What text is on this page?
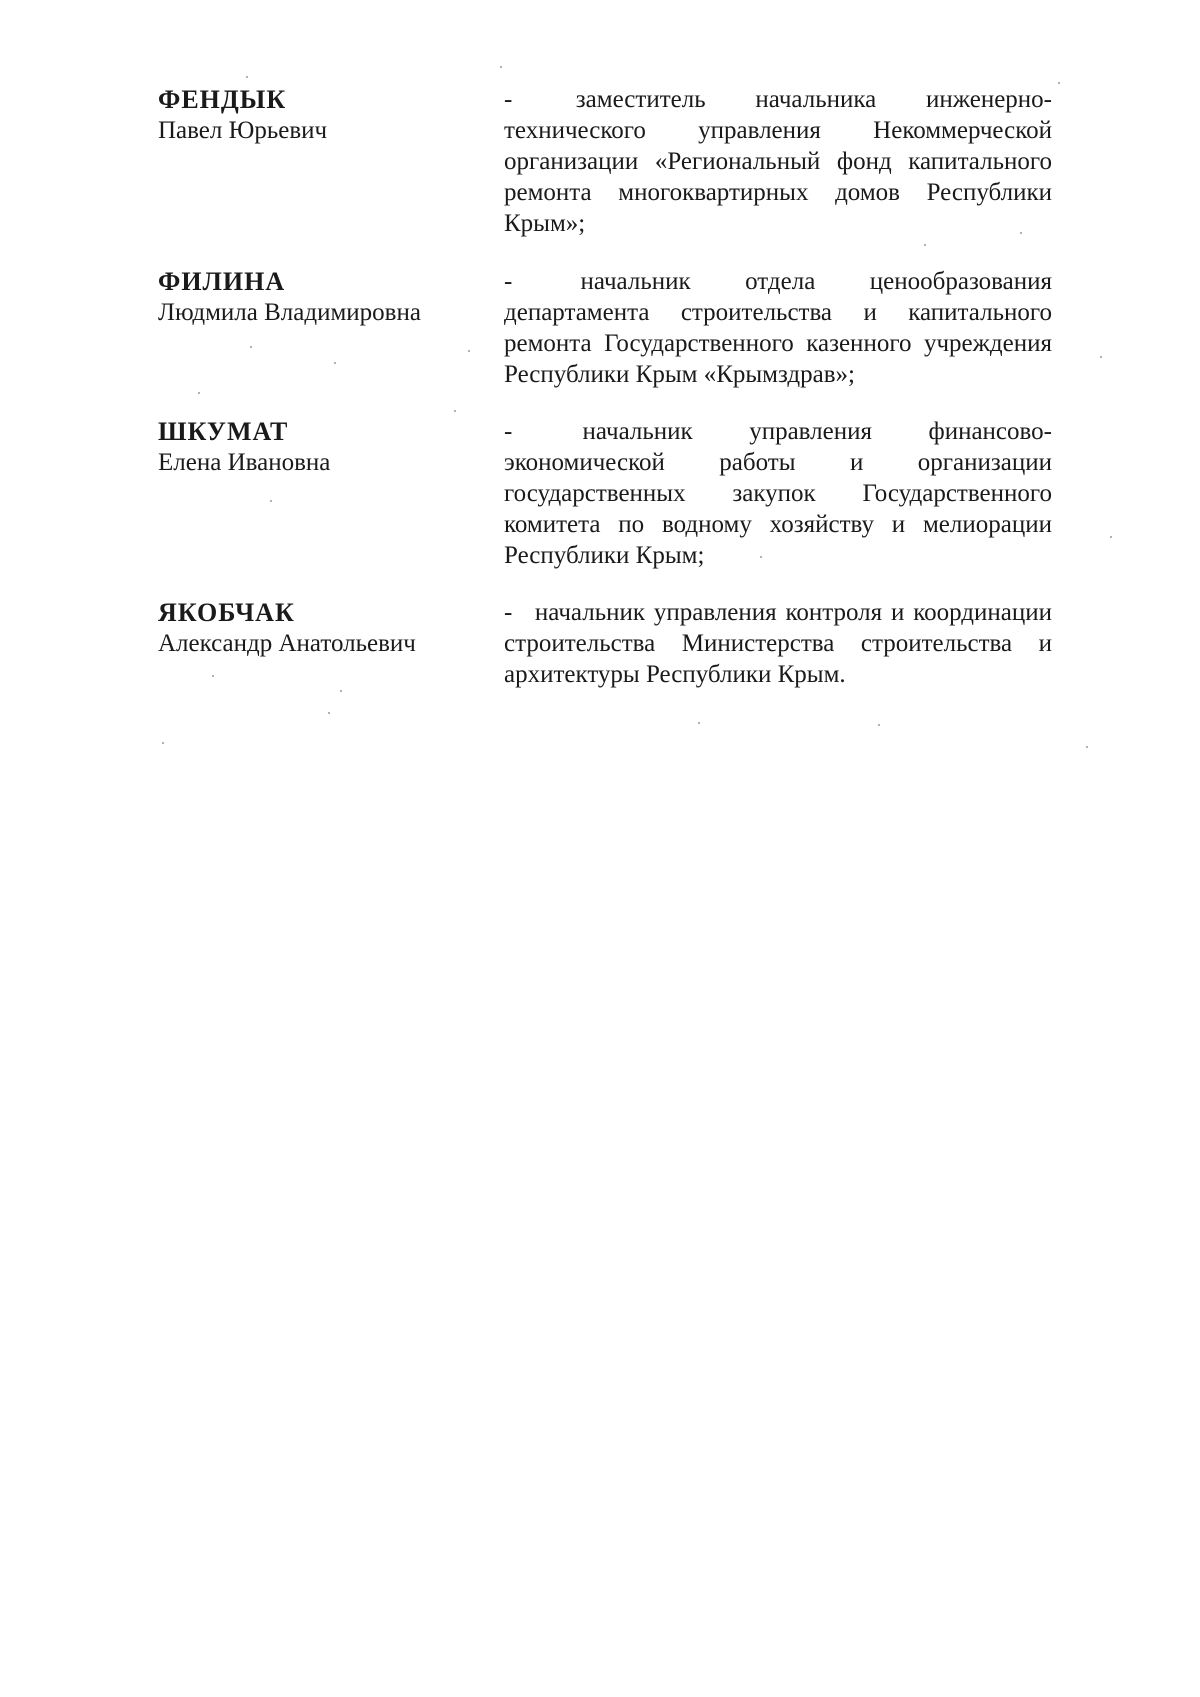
ФЕНДЫК
Павел Юрьевич
-	заместитель начальника инженерно-технического управления Некоммерческой организации «Региональный фонд капитального ремонта многоквартирных домов Республики Крым»;
ФИЛИНА
Людмила Владимировна
-	начальник отдела ценообразования департамента строительства и капитального ремонта Государственного казенного учреждения Республики Крым «Крымздрав»;
ШКУМАТ
Елена Ивановна
-	начальник управления финансово-экономической работы и организации государственных закупок Государственного комитета по водному хозяйству и мелиорации Республики Крым;
ЯКОБЧАК
Александр Анатольевич
- начальник управления контроля и координации строительства Министерства строительства и архитектуры Республики Крым.
